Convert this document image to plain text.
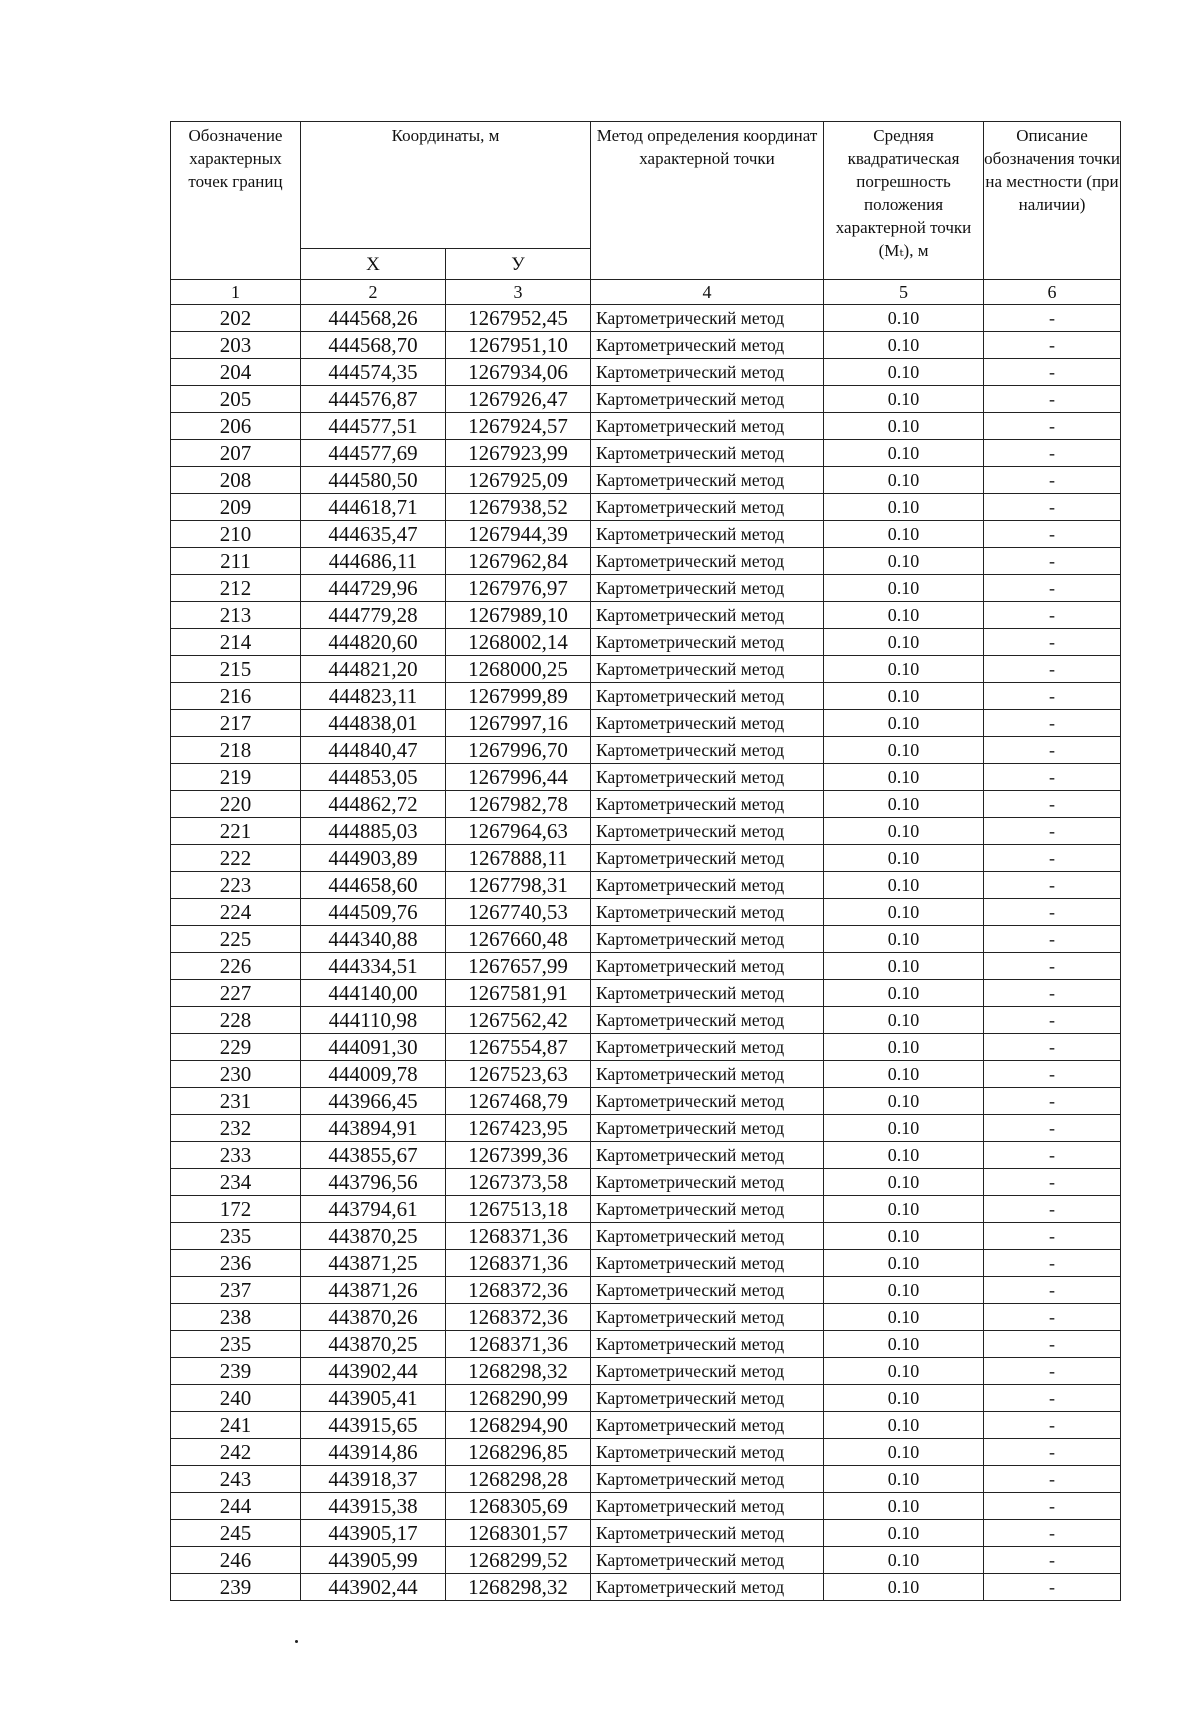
Обозначение характерных точек границ	Координаты, м		Метод определения координат характерной точки	Средняя квадратическая погрешность положения характерной точки (Mₜ), м	Описание обозначения точки на местности (при наличии)
	X	У			
1	2	3	4	5	6
202	444568,26	1267952,45	Картометрический метод	0.10	-
203	444568,70	1267951,10	Картометрический метод	0.10	-
204	444574,35	1267934,06	Картометрический метод	0.10	-
205	444576,87	1267926,47	Картометрический метод	0.10	-
206	444577,51	1267924,57	Картометрический метод	0.10	-
207	444577,69	1267923,99	Картометрический метод	0.10	-
208	444580,50	1267925,09	Картометрический метод	0.10	-
209	444618,71	1267938,52	Картометрический метод	0.10	-
210	444635,47	1267944,39	Картометрический метод	0.10	-
211	444686,11	1267962,84	Картометрический метод	0.10	-
212	444729,96	1267976,97	Картометрический метод	0.10	-
213	444779,28	1267989,10	Картометрический метод	0.10	-
214	444820,60	1268002,14	Картометрический метод	0.10	-
215	444821,20	1268000,25	Картометрический метод	0.10	-
216	444823,11	1267999,89	Картометрический метод	0.10	-
217	444838,01	1267997,16	Картометрический метод	0.10	-
218	444840,47	1267996,70	Картометрический метод	0.10	-
219	444853,05	1267996,44	Картометрический метод	0.10	-
220	444862,72	1267982,78	Картометрический метод	0.10	-
221	444885,03	1267964,63	Картометрический метод	0.10	-
222	444903,89	1267888,11	Картометрический метод	0.10	-
223	444658,60	1267798,31	Картометрический метод	0.10	-
224	444509,76	1267740,53	Картометрический метод	0.10	-
225	444340,88	1267660,48	Картометрический метод	0.10	-
226	444334,51	1267657,99	Картометрический метод	0.10	-
227	444140,00	1267581,91	Картометрический метод	0.10	-
228	444110,98	1267562,42	Картометрический метод	0.10	-
229	444091,30	1267554,87	Картометрический метод	0.10	-
230	444009,78	1267523,63	Картометрический метод	0.10	-
231	443966,45	1267468,79	Картометрический метод	0.10	-
232	443894,91	1267423,95	Картометрический метод	0.10	-
233	443855,67	1267399,36	Картометрический метод	0.10	-
234	443796,56	1267373,58	Картометрический метод	0.10	-
172	443794,61	1267513,18	Картометрический метод	0.10	-
235	443870,25	1268371,36	Картометрический метод	0.10	-
236	443871,25	1268371,36	Картометрический метод	0.10	-
237	443871,26	1268372,36	Картометрический метод	0.10	-
238	443870,26	1268372,36	Картометрический метод	0.10	-
235	443870,25	1268371,36	Картометрический метод	0.10	-
239	443902,44	1268298,32	Картометрический метод	0.10	-
240	443905,41	1268290,99	Картометрический метод	0.10	-
241	443915,65	1268294,90	Картометрический метод	0.10	-
242	443914,86	1268296,85	Картометрический метод	0.10	-
243	443918,37	1268298,28	Картометрический метод	0.10	-
244	443915,38	1268305,69	Картометрический метод	0.10	-
245	443905,17	1268301,57	Картометрический метод	0.10	-
246	443905,99	1268299,52	Картометрический метод	0.10	-
239	443902,44	1268298,32	Картометрический метод	0.10	-
